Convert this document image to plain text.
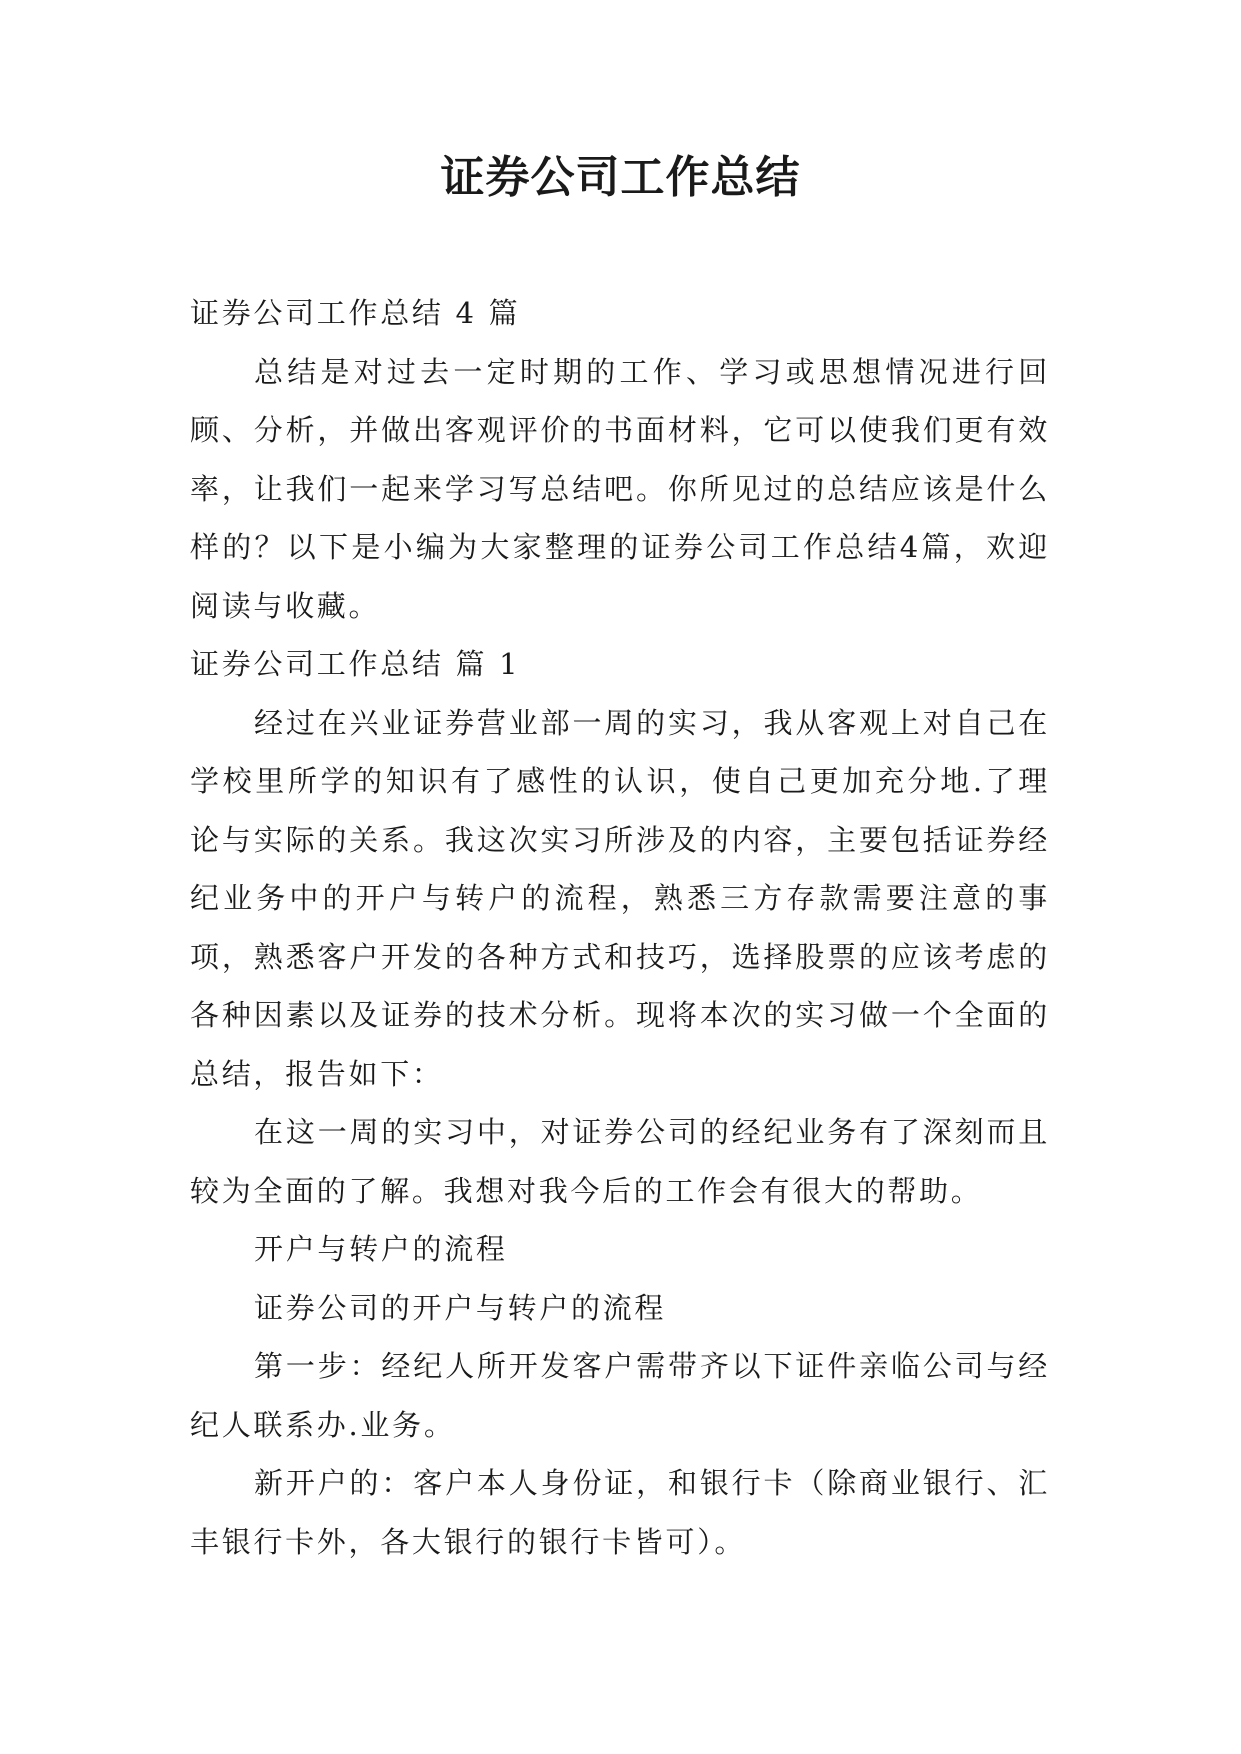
证券公司工作总结

证券公司工作总结 4 篇

总结是对过去一定时期的工作、学习或思想情况进行回顾、分析，并做出客观评价的书面材料，它可以使我们更有效率，让我们一起来学习写总结吧。你所见过的总结应该是什么样的？以下是小编为大家整理的证券公司工作总结4篇，欢迎阅读与收藏。

证券公司工作总结 篇 1

经过在兴业证券营业部一周的实习，我从客观上对自己在学校里所学的知识有了感性的认识，使自己更加充分地.了理论与实际的关系。我这次实习所涉及的内容，主要包括证券经纪业务中的开户与转户的流程，熟悉三方存款需要注意的事项，熟悉客户开发的各种方式和技巧，选择股票的应该考虑的各种因素以及证券的技术分析。现将本次的实习做一个全面的总结，报告如下：

在这一周的实习中，对证券公司的经纪业务有了深刻而且较为全面的了解。我想对我今后的工作会有很大的帮助。

开户与转户的流程

证券公司的开户与转户的流程

第一步：经纪人所开发客户需带齐以下证件亲临公司与经纪人联系办.业务。

新开户的：客户本人身份证，和银行卡（除商业银行、汇丰银行卡外，各大银行的银行卡皆可）。
